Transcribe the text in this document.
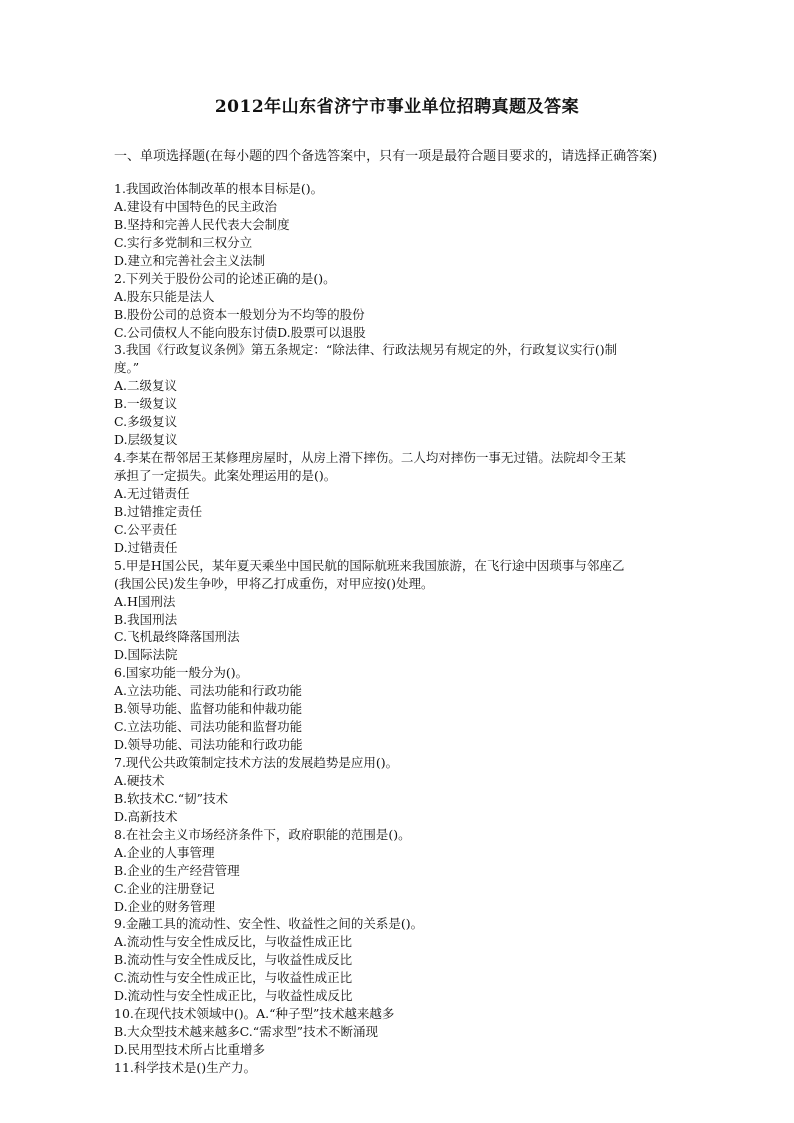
2012年山东省济宁市事业单位招聘真题及答案
一、单项选择题(在每小题的四个备选答案中，只有一项是最符合题目要求的，请选择正确答案)
1.我国政治体制改革的根本目标是()。
A.建设有中国特色的民主政治
B.坚持和完善人民代表大会制度
C.实行多党制和三权分立
D.建立和完善社会主义法制
2.下列关于股份公司的论述正确的是()。
A.股东只能是法人
B.股份公司的总资本一般划分为不均等的股份
C.公司债权人不能向股东讨债D.股票可以退股
3.我国《行政复议条例》第五条规定：“除法律、行政法规另有规定的外，行政复议实行()制
度。”
A.二级复议
B.一级复议
C.多级复议
D.层级复议
4.李某在帮邻居王某修理房屋时，从房上滑下摔伤。二人均对摔伤一事无过错。法院却令王某
承担了一定损失。此案处理运用的是()。
A.无过错责任
B.过错推定责任
C.公平责任
D.过错责任
5.甲是H国公民，某年夏天乘坐中国民航的国际航班来我国旅游，在飞行途中因琐事与邻座乙
(我国公民)发生争吵，甲将乙打成重伤，对甲应按()处理。
A.H国刑法
B.我国刑法
C.飞机最终降落国刑法
D.国际法院
6.国家功能一般分为()。
A.立法功能、司法功能和行政功能
B.领导功能、监督功能和仲裁功能
C.立法功能、司法功能和监督功能
D.领导功能、司法功能和行政功能
7.现代公共政策制定技术方法的发展趋势是应用()。
A.硬技术
B.软技术C.“韧”技术
D.高新技术
8.在社会主义市场经济条件下，政府职能的范围是()。
A.企业的人事管理
B.企业的生产经营管理
C.企业的注册登记
D.企业的财务管理
9.金融工具的流动性、安全性、收益性之间的关系是()。
A.流动性与安全性成反比，与收益性成正比
B.流动性与安全性成反比，与收益性成反比
C.流动性与安全性成正比，与收益性成正比
D.流动性与安全性成正比，与收益性成反比
10.在现代技术领域中()。A.“种子型”技术越来越多
B.大众型技术越来越多C.“需求型”技术不断涌现
D.民用型技术所占比重增多
11.科学技术是()生产力。
